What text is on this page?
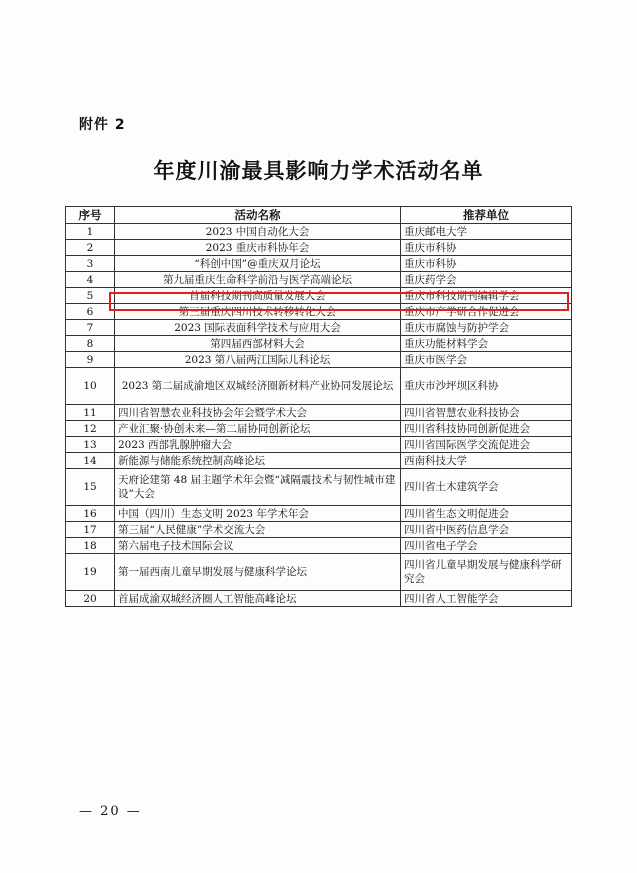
附件 2
年度川渝最具影响力学术活动名单
序号	活动名称	推荐单位
1	2023 中国自动化大会	重庆邮电大学
2	2023 重庆市科协年会	重庆市科协
3	“科创中国”@重庆双月论坛	重庆市科协
4	第九届重庆生命科学前沿与医学高端论坛	重庆药学会
5	首届科技期刊高质量发展大会	重庆市科技期刊编辑学会
6	第三届重庆四川技术转移转化大会	重庆市产学研合作促进会
7	2023 国际表面科学技术与应用大会	重庆市腐蚀与防护学会
8	第四届西部材料大会	重庆功能材料学会
9	2023 第八届两江国际儿科论坛	重庆市医学会
10	2023 第二届成渝地区双城经济圈新材料产业协同发展论坛	重庆市沙坪坝区科协
11	四川省智慧农业科技协会年会暨学术大会	四川省智慧农业科技协会
12	产业汇聚·协创未来—第二届协同创新论坛	四川省科技协同创新促进会
13	2023 西部乳腺肿瘤大会	四川省国际医学交流促进会
14	新能源与储能系统控制高峰论坛	西南科技大学
15	天府论建第 48 届主题学术年会暨“减隔震技术与韧性城市建设”大会	四川省土木建筑学会
16	中国（四川）生态文明 2023 年学术年会	四川省生态文明促进会
17	第三届“人民健康”学术交流大会	四川省中医药信息学会
18	第六届电子技术国际会议	四川省电子学会
19	第一届西南儿童早期发展与健康科学论坛	四川省儿童早期发展与健康科学研究会
20	首届成渝双城经济圈人工智能高峰论坛	四川省人工智能学会
— 20 —
